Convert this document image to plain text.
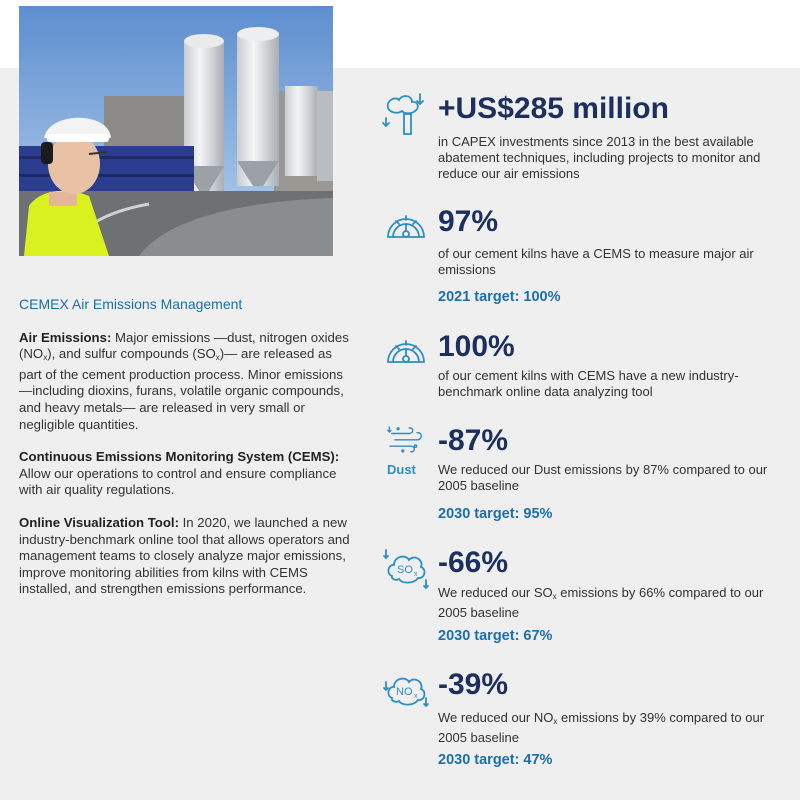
CEMEX Air Emissions Management

Air Emissions: Major emissions —dust, nitrogen oxides $(NO_x)$, and sulfur compounds $(SO_x)—$ are released as part of the cement production process. Minor emissions —including dioxins, furans, volatile organic compounds, and heavy metals— are released in very small or negligible quantities.

Continuous Emissions Monitoring System (CEMS): Allow our operations to control and ensure compliance with air quality regulations.

Online Visualization Tool: In 2020, we launched a new industry-benchmark online tool that allows operators and management teams to closely analyze major emissions, improve monitoring abilities from kilns with CEMS installed, and strengthen emissions performance.

+US$285 million
in CAPEX investments since 2013 in the best available abatement techniques, including projects to monitor and reduce our air emissions
97%
of our cement kilns have a CEMS to measure major air emissions
2021 target: 100%
100%
of our cement kilns with CEMS have a new industry-benchmark online data analyzing tool
Dust
-87%
We reduced our Dust emissions by 87% compared to our 2005 baseline
2030 target: 95%
SO x -66%
We reduced our $SO_x$ emissions by 66% compared to our 2005 baseline
2030 target: 67%
NO x -39%
We reduced our $NO_x$ emissions by 39% compared to our 2005 baseline
2030 target: 47%
